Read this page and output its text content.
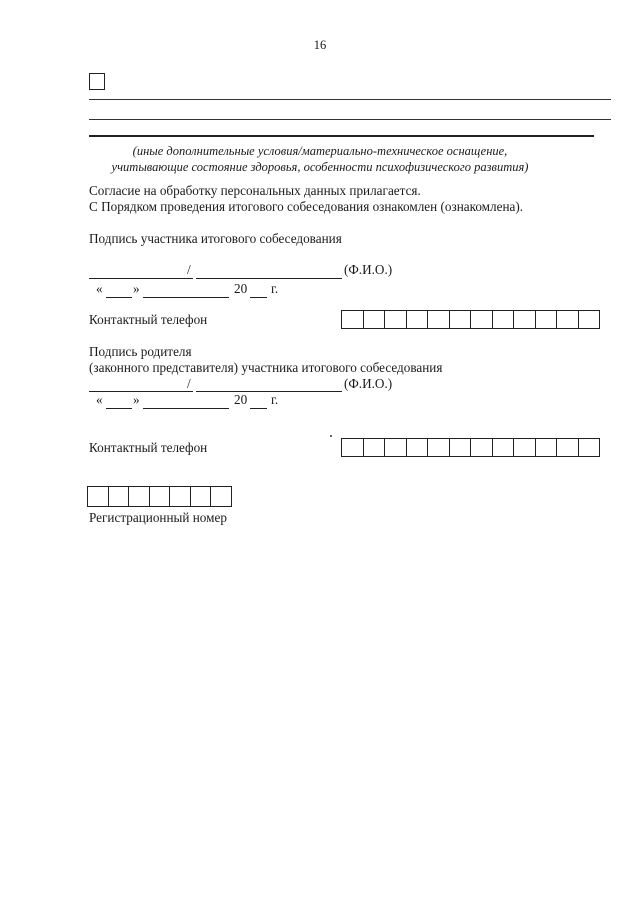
16
(иные дополнительные условия/материально-техническое оснащение,
учитывающие состояние здоровья, особенности психофизического развития)
Согласие на обработку персональных данных прилагается.
С Порядком проведения итогового собеседования ознакомлен (ознакомлена).
Подпись участника итогового собеседования
/	(Ф.И.О.)
« »	20 г.
Контактный телефон
Подпись родителя
(законного представителя) участника итогового собеседования
/	(Ф.И.О.)
« »	20 г.
Контактный телефон
Регистрационный номер
